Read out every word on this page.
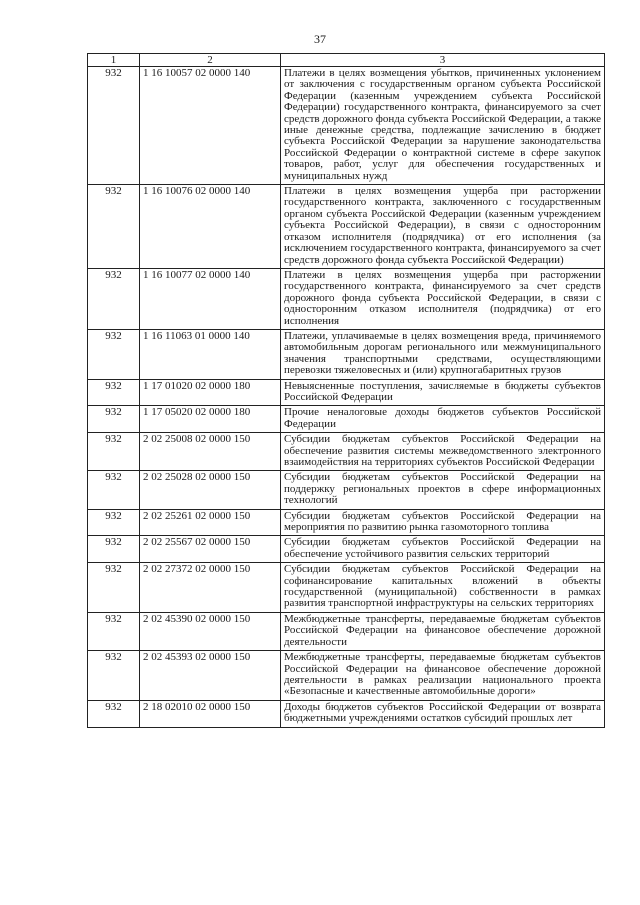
37
1	2	3
932	1 16 10057 02 0000 140	Платежи в целях возмещения убытков, причиненных уклонением от заключения с государственным органом субъекта Российской Федерации (казенным учреждением субъекта Российской Федерации) государственного контракта, финансируемого за счет средств дорожного фонда субъекта Российской Федерации, а также иные денежные средства, подлежащие зачислению в бюджет субъекта Российской Федерации за нарушение законодательства Российской Федерации о контрактной системе в сфере закупок товаров, работ, услуг для обеспечения государственных и муниципальных нужд
932	1 16 10076 02 0000 140	Платежи в целях возмещения ущерба при расторжении государственного контракта, заключенного с государственным органом субъекта Российской Федерации (казенным учреждением субъекта Российской Федерации), в связи с односторонним отказом исполнителя (подрядчика) от его исполнения (за исключением государственного контракта, финансируемого за счет средств дорожного фонда субъекта Российской Федерации)
932	1 16 10077 02 0000 140	Платежи в целях возмещения ущерба при расторжении государственного контракта, финансируемого за счет средств дорожного фонда субъекта Российской Федерации, в связи с односторонним отказом исполнителя (подрядчика) от его исполнения
932	1 16 11063 01 0000 140	Платежи, уплачиваемые в целях возмещения вреда, причиняемого автомобильным дорогам регионального или межмуниципального значения транспортными средствами, осуществляющими перевозки тяжеловесных и (или) крупногабаритных грузов
932	1 17 01020 02 0000 180	Невыясненные поступления, зачисляемые в бюджеты субъектов Российской Федерации
932	1 17 05020 02 0000 180	Прочие неналоговые доходы бюджетов субъектов Российской Федерации
932	2 02 25008 02 0000 150	Субсидии бюджетам субъектов Российской Федерации на обеспечение развития системы межведомственного электронного взаимодействия на территориях субъектов Российской Федерации
932	2 02 25028 02 0000 150	Субсидии бюджетам субъектов Российской Федерации на поддержку региональных проектов в сфере информационных технологий
932	2 02 25261 02 0000 150	Субсидии бюджетам субъектов Российской Федерации на мероприятия по развитию рынка газомоторного топлива
932	2 02 25567 02 0000 150	Субсидии бюджетам субъектов Российской Федерации на обеспечение устойчивого развития сельских территорий
932	2 02 27372 02 0000 150	Субсидии бюджетам субъектов Российской Федерации на софинансирование капитальных вложений в объекты государственной (муниципальной) собственности в рамках развития транспортной инфраструктуры на сельских территориях
932	2 02 45390 02 0000 150	Межбюджетные трансферты, передаваемые бюджетам субъектов Российской Федерации на финансовое обеспечение дорожной деятельности
932	2 02 45393 02 0000 150	Межбюджетные трансферты, передаваемые бюджетам субъектов Российской Федерации на финансовое обеспечение дорожной деятельности в рамках реализации национального проекта «Безопасные и качественные автомобильные дороги»
932	2 18 02010 02 0000 150	Доходы бюджетов субъектов Российской Федерации от возврата бюджетными учреждениями остатков субсидий прошлых лет
